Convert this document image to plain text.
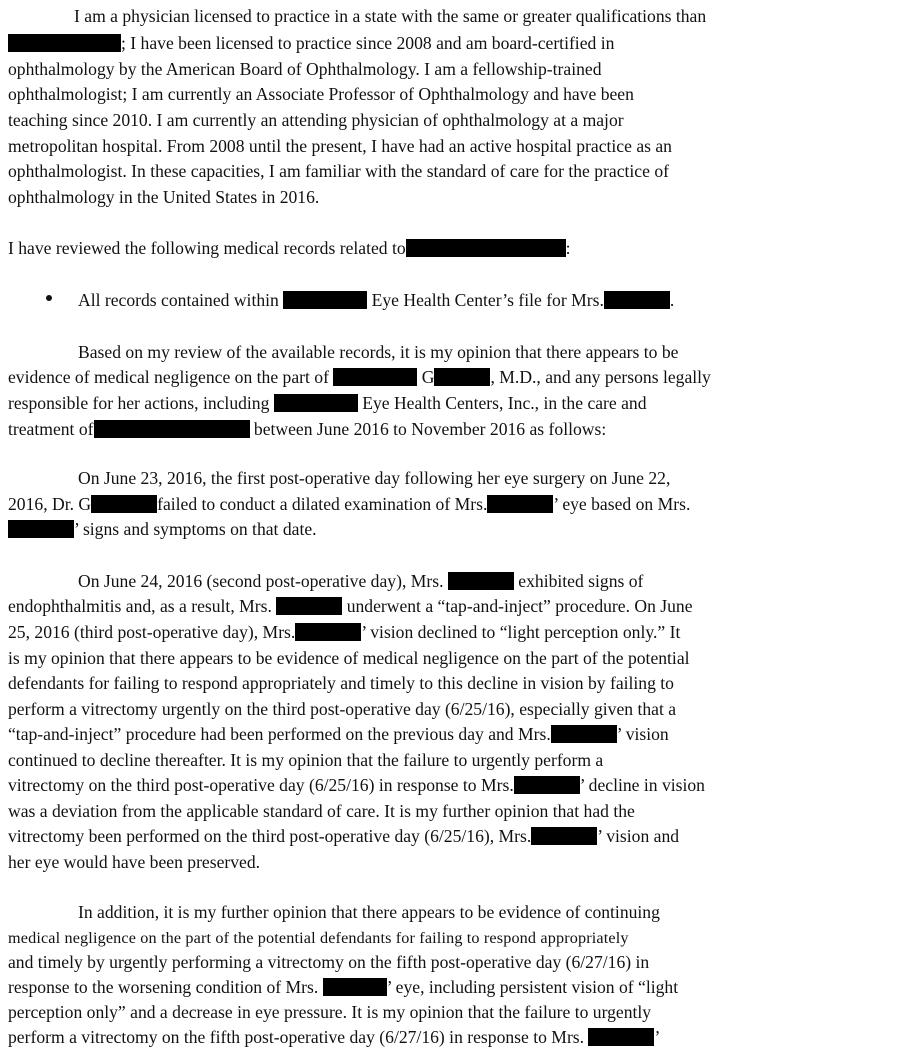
I am a physician licensed to practice in a state with the same or greater qualifications than
; I have been licensed to practice since 2008 and am board-certified in
ophthalmology by the American Board of Ophthalmology. I am a fellowship-trained
ophthalmologist; I am currently an Associate Professor of Ophthalmology and have been
teaching since 2010. I am currently an attending physician of ophthalmology at a major
metropolitan hospital. From 2008 until the present, I have had an active hospital practice as an
ophthalmologist. In these capacities, I am familiar with the standard of care for the practice of
ophthalmology in the United States in 2016.
I have reviewed the following medical records related to	:
All records contained within	Eye Health Center’s file for Mrs.	.
Based on my review of the available records, it is my opinion that there appears to be
evidence of medical negligence on the part of	G	, M.D., and any persons legally
responsible for her actions, including	Eye Health Centers, Inc., in the care and
treatment of	between June 2016 to November 2016 as follows:
On June 23, 2016, the first post-operative day following her eye surgery on June 22,
2016, Dr. G	failed to conduct a dilated examination of Mrs.	’ eye based on Mrs.
’ signs and symptoms on that date.
On June 24, 2016 (second post-operative day), Mrs.	exhibited signs of
endophthalmitis and, as a result, Mrs.	underwent a “tap-and-inject” procedure. On June
25, 2016 (third post-operative day), Mrs.	’ vision declined to “light perception only.” It
is my opinion that there appears to be evidence of medical negligence on the part of the potential
defendants for failing to respond appropriately and timely to this decline in vision by failing to
perform a vitrectomy urgently on the third post-operative day (6/25/16), especially given that a
“tap-and-inject” procedure had been performed on the previous day and Mrs.	’ vision
continued to decline thereafter. It is my opinion that the failure to urgently perform a
vitrectomy on the third post-operative day (6/25/16) in response to Mrs.	’ decline in vision
was a deviation from the applicable standard of care. It is my further opinion that had the
vitrectomy been performed on the third post-operative day (6/25/16), Mrs.	’ vision and
her eye would have been preserved.
In addition, it is my further opinion that there appears to be evidence of continuing
medical negligence on the part of the potential defendants for failing to respond appropriately
and timely by urgently performing a vitrectomy on the fifth post-operative day (6/27/16) in
response to the worsening condition of Mrs.	’ eye, including persistent vision of “light
perception only” and a decrease in eye pressure. It is my opinion that the failure to urgently
perform a vitrectomy on the fifth post-operative day (6/27/16) in response to Mrs.	’
